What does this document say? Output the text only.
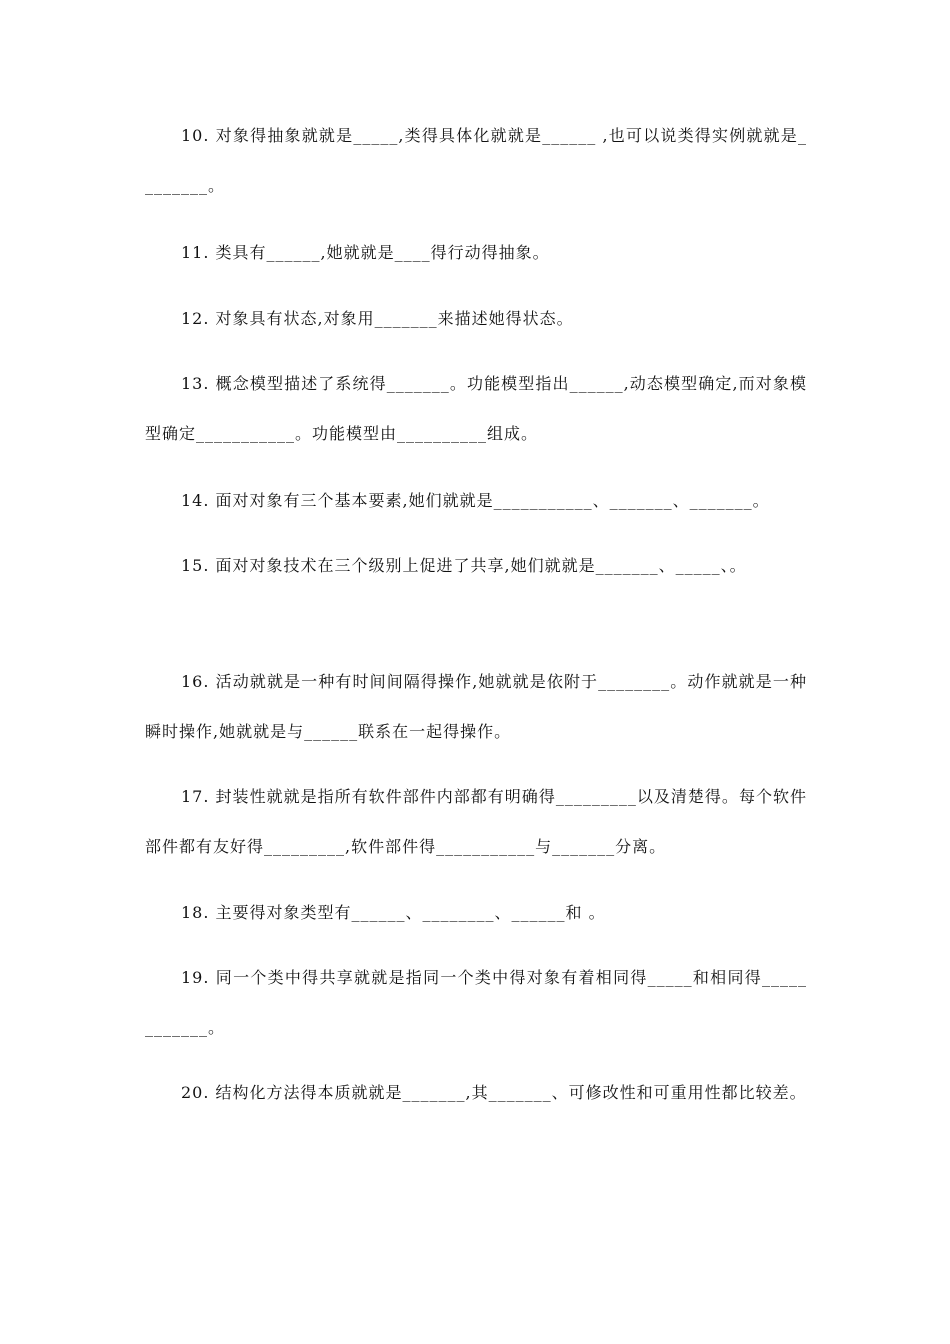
10. 对象得抽象就就是_____,类得具体化就就是______ ,也可以说类得实例就就是________。

11. 类具有______,她就就是____得行动得抽象。

12. 对象具有状态,对象用_______来描述她得状态。

13. 概念模型描述了系统得_______。功能模型指出______,动态模型确定,而对象模型确定___________。功能模型由__________组成。

14. 面对对象有三个基本要素,她们就就是___________、_______、_______。

15. 面对对象技术在三个级别上促进了共享,她们就就是_______、_____、。

16. 活动就就是一种有时间间隔得操作,她就就是依附于________。动作就就是一种瞬时操作,她就就是与______联系在一起得操作。

17. 封装性就就是指所有软件部件内部都有明确得_________以及清楚得。每个软件部件都有友好得_________,软件部件得___________与_______分离。

18. 主要得对象类型有______、________、______和 。

19. 同一个类中得共享就就是指同一个类中得对象有着相同得_____和相同得____________。

20. 结构化方法得本质就就是_______,其_______、可修改性和可重用性都比较差。
